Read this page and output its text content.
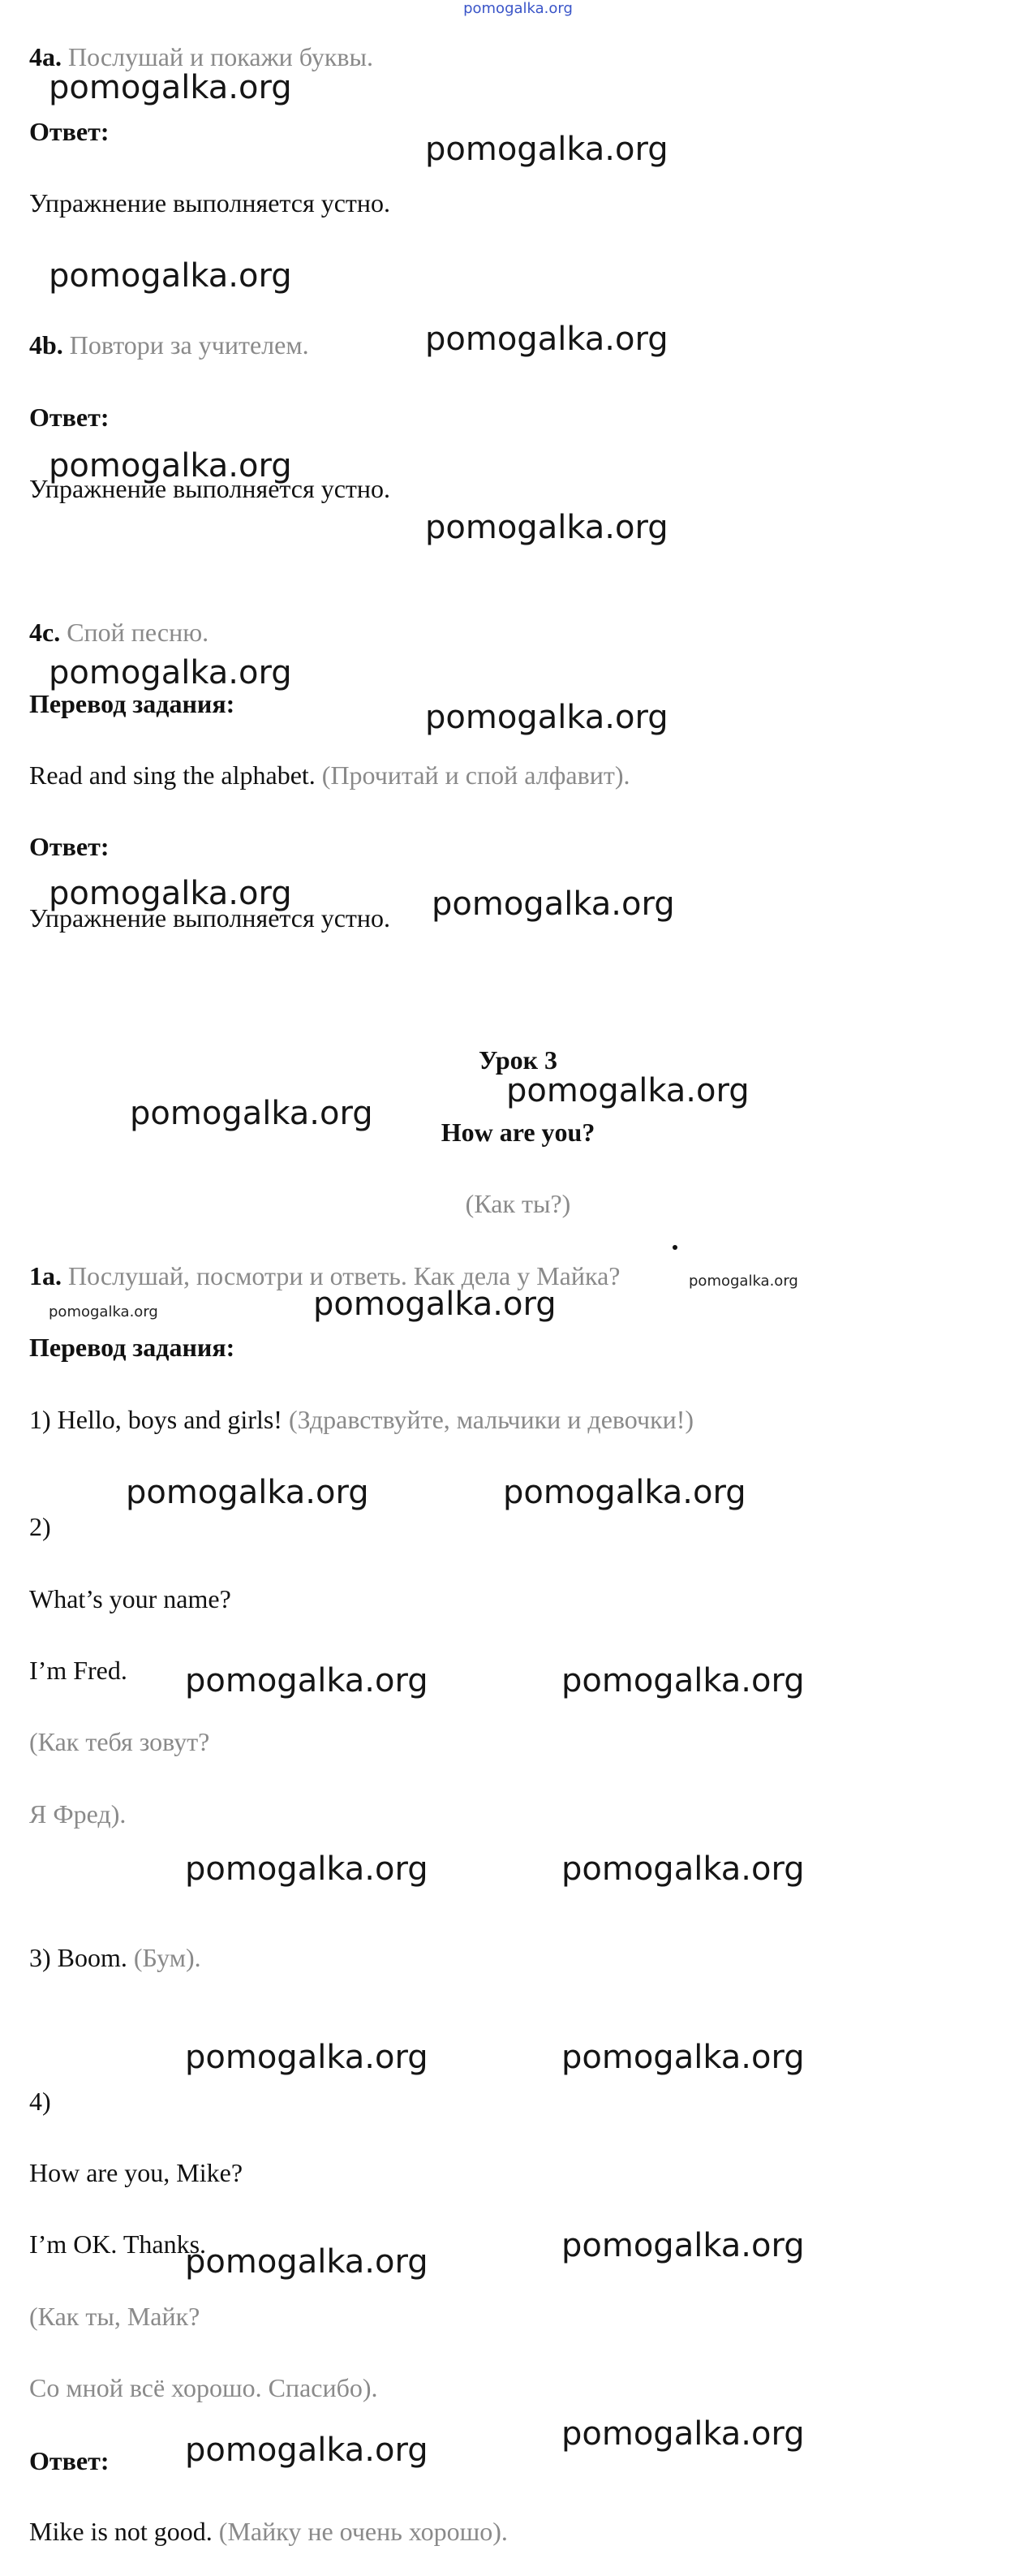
pomogalka.org
4a. Послушай и покажи буквы.
Ответ:
Упражнение выполняется устно.
4b. Повтори за учителем.
Ответ:
Упражнение выполняется устно.
4c. Спой песню.
Перевод задания:
Read and sing the alphabet. (Прочитай и спой алфавит).
Ответ:
Упражнение выполняется устно.
Урок 3
How are you?
(Как ты?)
1a. Послушай, посмотри и ответь. Как дела у Майка?
Перевод задания:
1) Hello, boys and girls! (Здравствуйте, мальчики и девочки!)
2)
What’s your name?
I’m Fred.
(Как тебя зовут?
Я Фред).
3) Boom. (Бум).
4)
How are you, Mike?
I’m OK. Thanks.
(Как ты, Майк?
Со мной всё хорошо. Спасибо).
Ответ:
Mike is not good. (Майку не очень хорошо).
pomogalka.org
pomogalka.org
pomogalka.org
pomogalka.org
pomogalka.org
pomogalka.org
pomogalka.org
pomogalka.org
pomogalka.org	pomogalka.org
pomogalka.org
pomogalka.org
pomogalka.org
pomogalka.org	pomogalka.org
pomogalka.org	pomogalka.org
pomogalka.org	pomogalka.org
pomogalka.org	pomogalka.org
pomogalka.org	pomogalka.org
pomogalka.org
pomogalka.org
pomogalka.org
pomogalka.org
